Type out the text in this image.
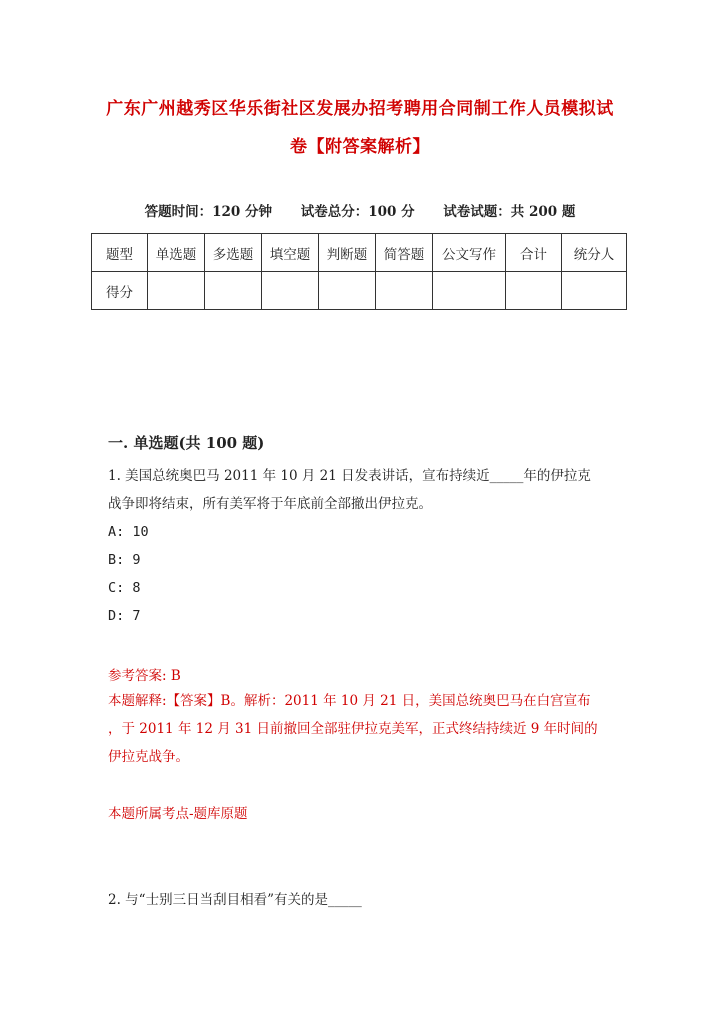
广东广州越秀区华乐街社区发展办招考聘用合同制工作人员模拟试
卷【附答案解析】
答题时间：120 分钟 试卷总分：100 分 试卷试题：共 200 题
题型	单选题	多选题	填空题	判断题	简答题	公文写作	合计	统分人
得分								
一. 单选题(共 100 题)
1. 美国总统奥巴马 2011 年 10 月 21 日发表讲话，宣布持续近_____年的伊拉克
战争即将结束，所有美军将于年底前全部撤出伊拉克。
A: 10
B: 9
C: 8
D: 7
参考答案: B
本题解释:【答案】B。解析：2011 年 10 月 21 日，美国总统奥巴马在白宫宣布
，于 2011 年 12 月 31 日前撤回全部驻伊拉克美军，正式终结持续近 9 年时间的
伊拉克战争。
本题所属考点-题库原题
2. 与“士别三日当刮目相看”有关的是_____
